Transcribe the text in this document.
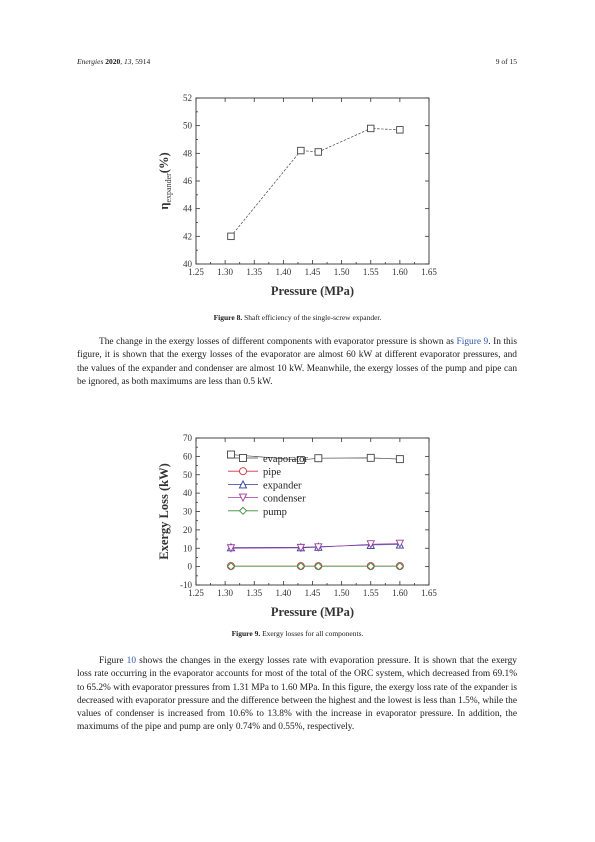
Energies 2020, 13, 5914	9 of 15
1.25 1.30 1.35 1.40 1.45 1.50 1.55 1.60 1.65
40
42
44
46
48
50
52
Pressure (MPa)
$\eta_{expander}(\%)$
Figure 8. Shaft efficiency of the single-screw expander.

The change in the exergy losses of different components with evaporator pressure is shown as Figure 9. In this figure, it is shown that the exergy losses of the evaporator are almost 60 kW at different evaporator pressures, and the values of the expander and condenser are almost 10 kW. Meanwhile, the exergy losses of the pump and pipe can be ignored, as both maximums are less than 0.5 kW.

1.25 1.30 1.35 1.40 1.45 1.50 1.55 1.60 1.65
-10
0
10
20
30
40
50
60
70
Pressure (MPa)
Exergy Loss (kW)
evaporator
pipe
expander
condenser
pump
Figure 9. Exergy losses for all components.

Figure 10 shows the changes in the exergy losses rate with evaporation pressure. It is shown that the exergy loss rate occurring in the evaporator accounts for most of the total of the ORC system, which decreased from 69.1% to 65.2% with evaporator pressures from 1.31 MPa to 1.60 MPa. In this figure, the exergy loss rate of the expander is decreased with evaporator pressure and the difference between the highest and the lowest is less than 1.5%, while the values of condenser is increased from 10.6% to 13.8% with the increase in evaporator pressure. In addition, the maximums of the pipe and pump are only 0.74% and 0.55%, respectively.
